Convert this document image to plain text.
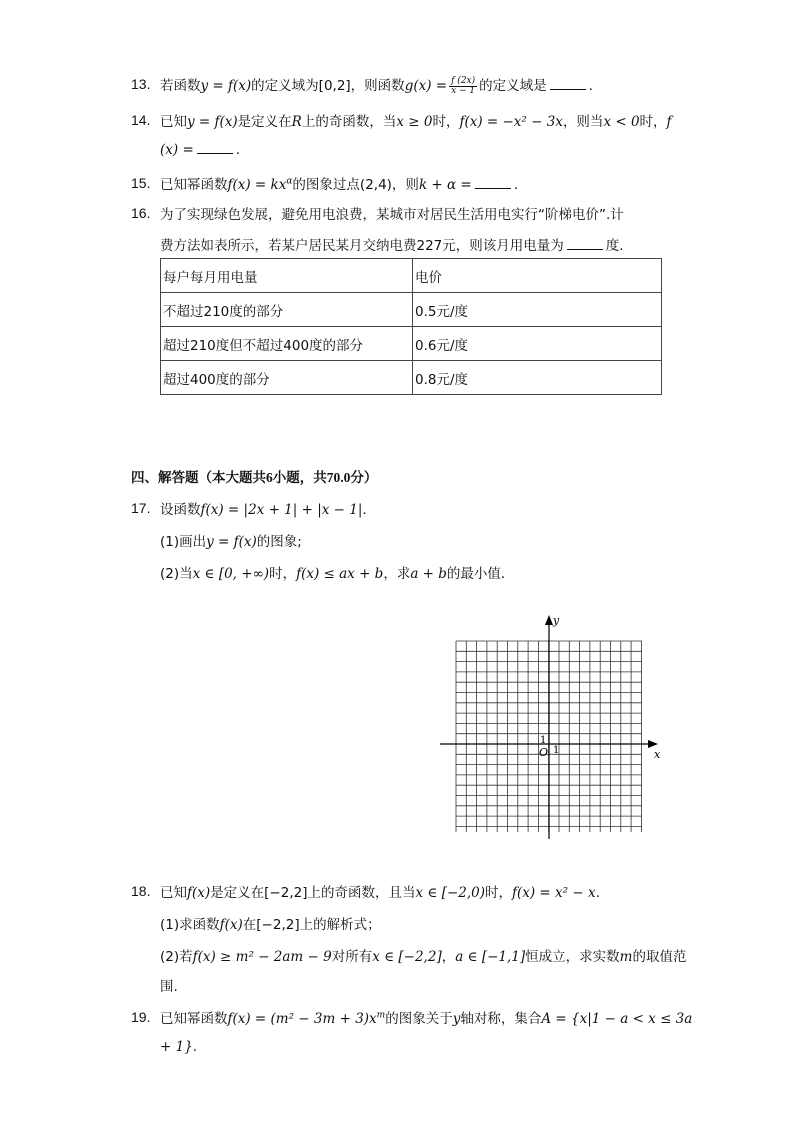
13. 若函数y = f(x)的定义域为[0,2]，则函数$g(x) = \frac{f (2x)}{x - 1}$ 的定义域是	.
14. 已知y = f(x)是定义在R上的奇函数，当x ≥ 0时，f(x) = −x² − 3x，则当x < 0时，f
(x) =	.
15. 已知幂函数$f(x) = kx^\alpha$的图象过点(2,4)，则k + α =	.
16. 为了实现绿色发展，避免用电浪费，某城市对居民生活用电实行“阶梯电价”.计
费方法如表所示，若某户居民某月交纳电费227元，则该月用电量为	度.
每户每月用电量	电价
不超过210度的部分	0.5元/度
超过210度但不超过400度的部分	0.6元/度
超过400度的部分	0.8元/度
四、解答题（本大题共6小题，共70.0分）
17. 设函数f(x) = |2x + 1| + |x − 1|.
(1)画出y = f(x)的图象;
(2)当x ∈ [0, +∞)时，f(x) ≤ ax + b，求a + b的最小值．
x
y
O 1
1
18. 已知f(x)是定义在[−2,2]上的奇函数，且当x ∈ [−2,0)时，f(x) = x² − x.
(1)求函数f(x)在[−2,2]上的解析式；
(2)若f(x) ≥ m² − 2am − 9对所有x ∈ [−2,2]，a ∈ [−1,1]恒成立，求实数m的取值范
围.
19. 已知幂函数$f(x) = (m^2 - 3m + 3)x^m$的图象关于y轴对称，集合A = {x|1 − a < x ≤ 3a
+ 1}.
